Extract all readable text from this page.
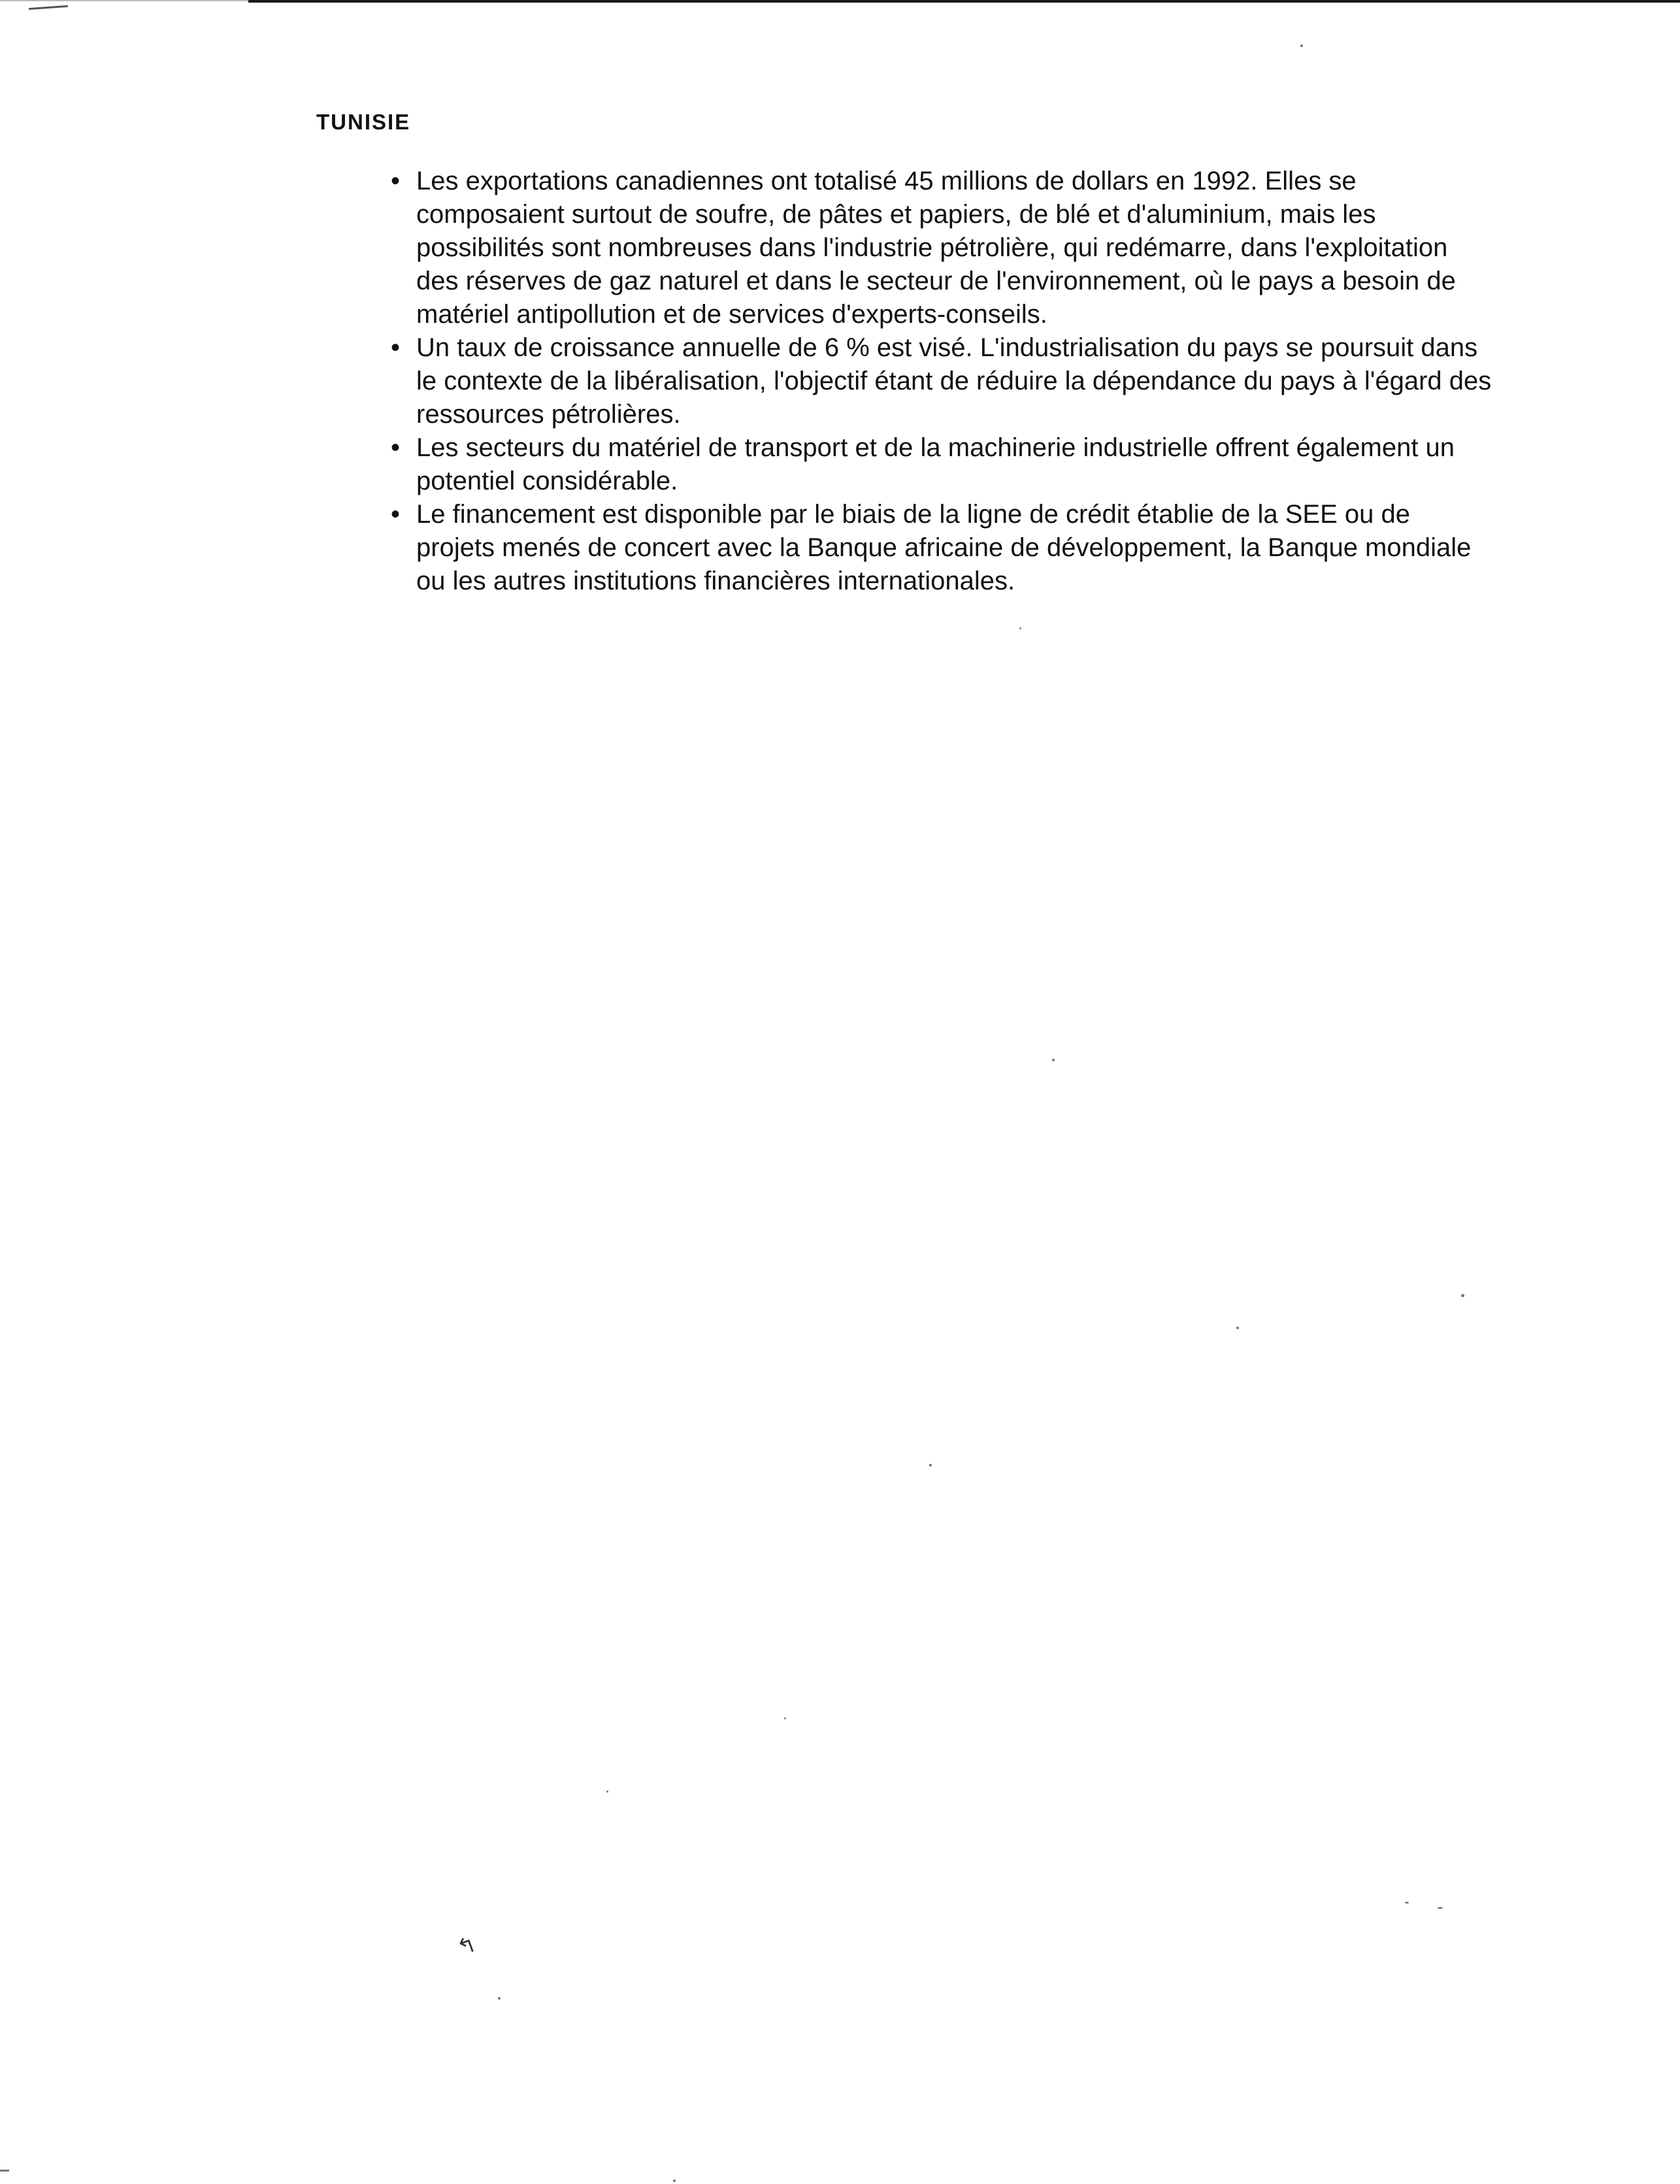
TUNISIE
• Les exportations canadiennes ont totalisé 45 millions de dollars en 1992. Elles se composaient surtout de soufre, de pâtes et papiers, de blé et d'aluminium, mais les possibilités sont nombreuses dans l'industrie pétrolière, qui redémarre, dans l'exploitation des réserves de gaz naturel et dans le secteur de l'environnement, où le pays a besoin de matériel antipollution et de services d'experts-conseils.
• Un taux de croissance annuelle de 6 % est visé. L'industrialisation du pays se poursuit dans le contexte de la libéralisation, l'objectif étant de réduire la dépendance du pays à l'égard des ressources pétrolières.
• Les secteurs du matériel de transport et de la machinerie industrielle offrent également un potentiel considérable.
• Le financement est disponible par le biais de la ligne de crédit établie de la SEE ou de projets menés de concert avec la Banque africaine de développement, la Banque mondiale ou les autres institutions financières internationales.
↰
